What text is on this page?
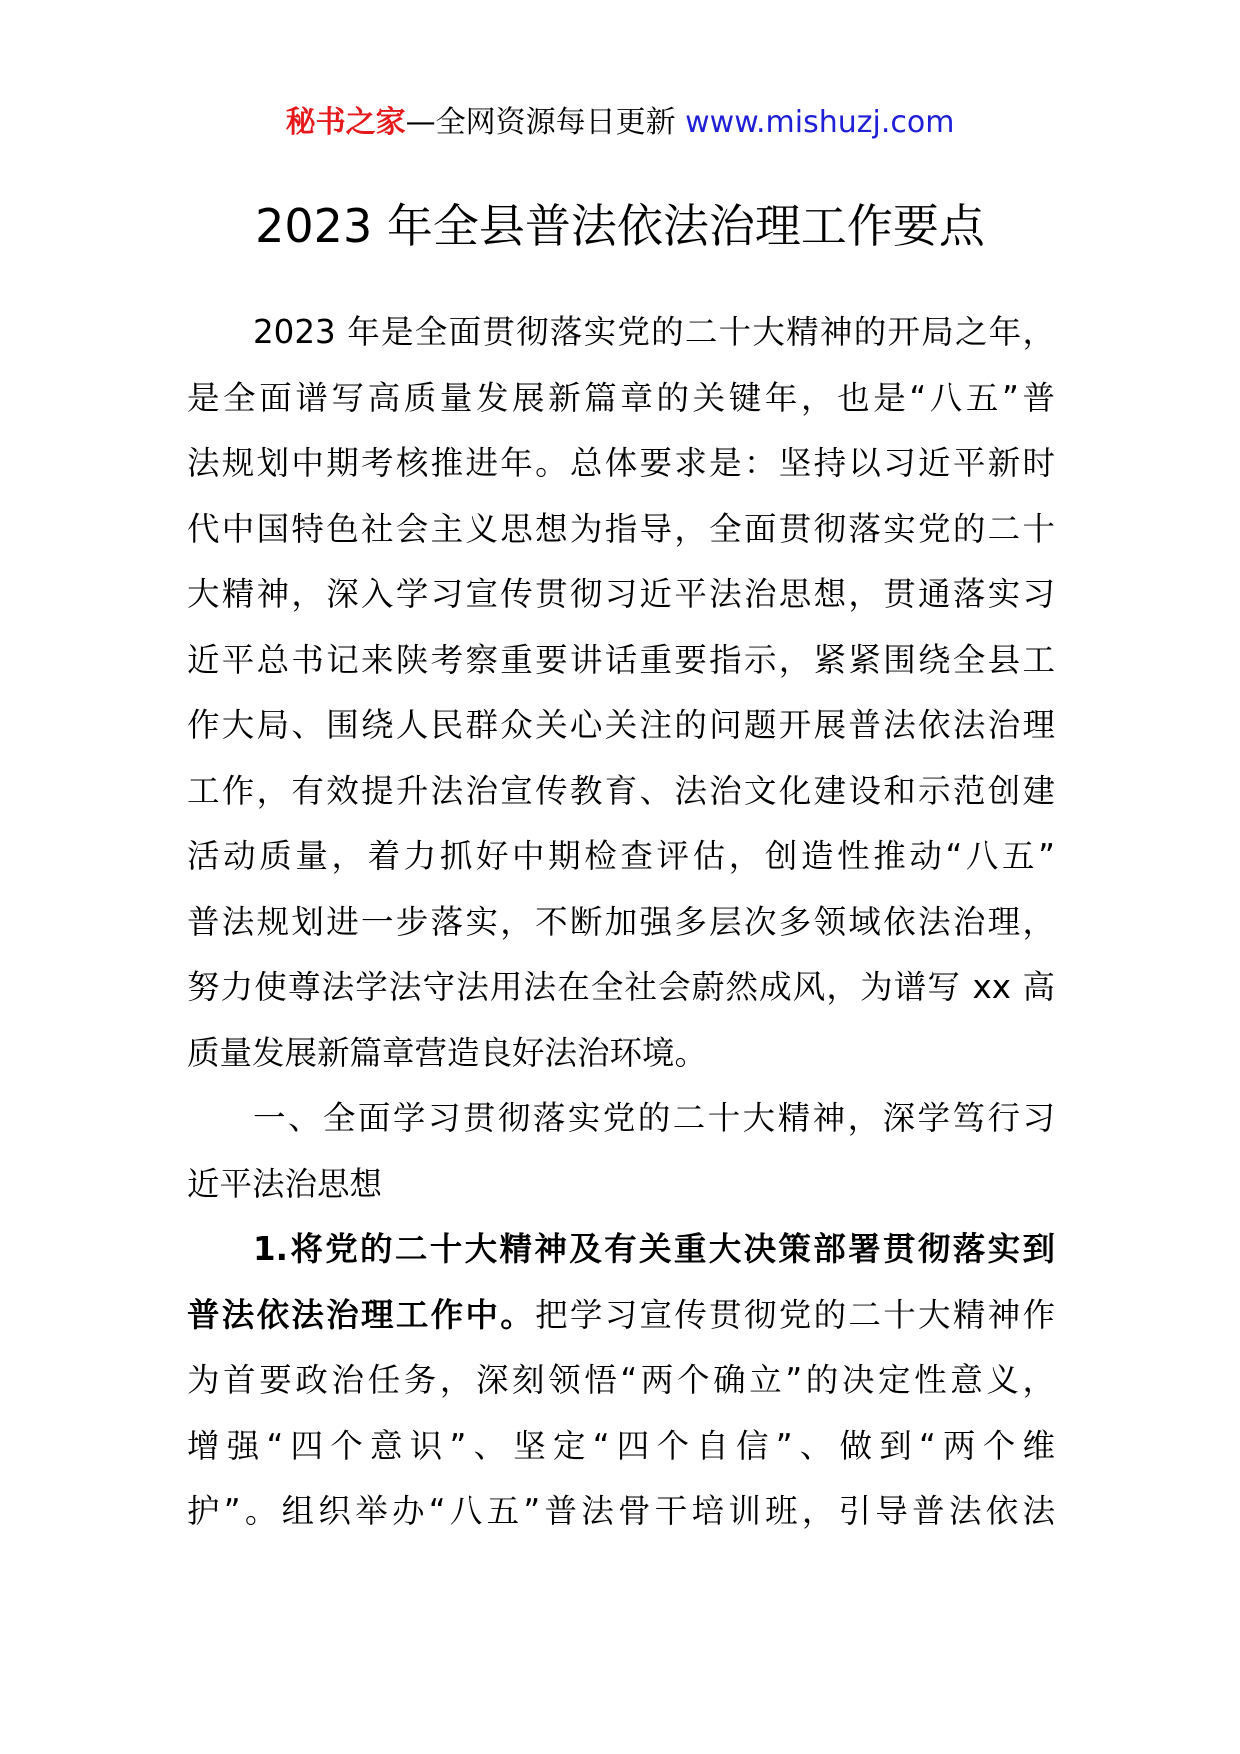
秘书之家—全网资源每日更新 www.mishuzj.com
2023 年全县普法依法治理工作要点
2023 年是全面贯彻落实党的二十大精神的开局之年，
是全面谱写高质量发展新篇章的关键年，也是“八五”普
法规划中期考核推进年。总体要求是：坚持以习近平新时
代中国特色社会主义思想为指导，全面贯彻落实党的二十
大精神，深入学习宣传贯彻习近平法治思想，贯通落实习
近平总书记来陕考察重要讲话重要指示，紧紧围绕全县工
作大局、围绕人民群众关心关注的问题开展普法依法治理
工作，有效提升法治宣传教育、法治文化建设和示范创建
活动质量，着力抓好中期检查评估，创造性推动“八五”
普法规划进一步落实，不断加强多层次多领域依法治理，
努力使尊法学法守法用法在全社会蔚然成风，为谱写 xx 高
质量发展新篇章营造良好法治环境。
一、全面学习贯彻落实党的二十大精神，深学笃行习
近平法治思想
1.将党的二十大精神及有关重大决策部署贯彻落实到
普法依法治理工作中。把学习宣传贯彻党的二十大精神作
为首要政治任务，深刻领悟“两个确立”的决定性意义，
增强“四个意识”、坚定“四个自信”、做到“两个维
护”。组织举办“八五”普法骨干培训班，引导普法依法
